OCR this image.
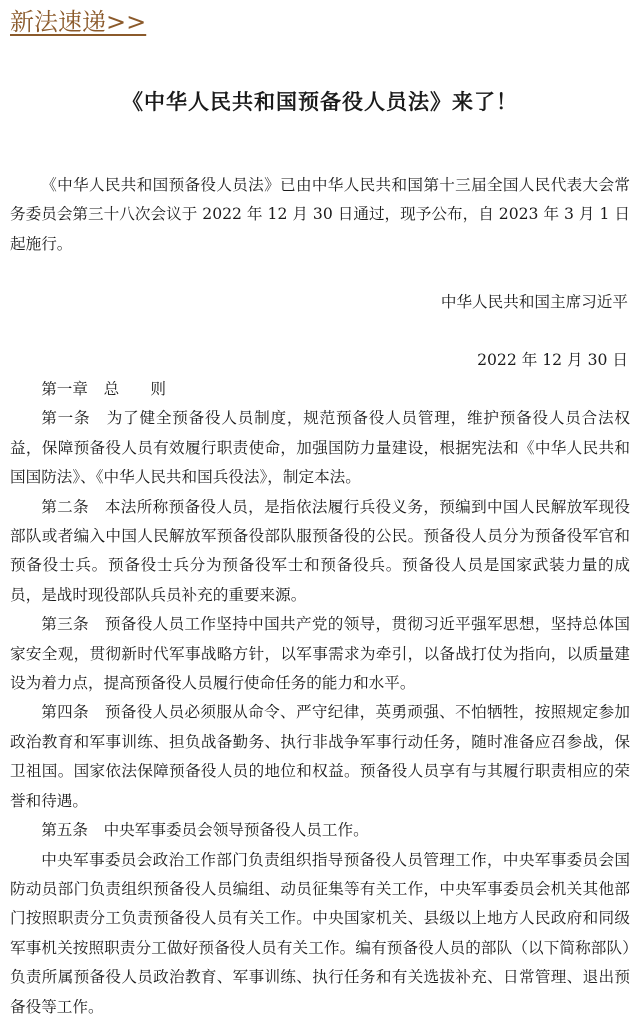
新法速递>>
《中华人民共和国预备役人员法》来了！

《中华人民共和国预备役人员法》已由中华人民共和国第十三届全国人民代表大会常务委员会第三十八次会议于 2022 年 12 月 30 日通过，现予公布，自 2023 年 3 月 1 日起施行。

中华人民共和国主席习近平
2022 年 12 月 30 日

第一章　总　　则

第一条　为了健全预备役人员制度，规范预备役人员管理，维护预备役人员合法权益，保障预备役人员有效履行职责使命，加强国防力量建设，根据宪法和《中华人民共和国国防法》、《中华人民共和国兵役法》，制定本法。

第二条　本法所称预备役人员，是指依法履行兵役义务，预编到中国人民解放军现役部队或者编入中国人民解放军预备役部队服预备役的公民。预备役人员分为预备役军官和预备役士兵。预备役士兵分为预备役军士和预备役兵。预备役人员是国家武装力量的成员，是战时现役部队兵员补充的重要来源。

第三条　预备役人员工作坚持中国共产党的领导，贯彻习近平强军思想，坚持总体国家安全观，贯彻新时代军事战略方针，以军事需求为牵引，以备战打仗为指向，以质量建设为着力点，提高预备役人员履行使命任务的能力和水平。

第四条　预备役人员必须服从命令、严守纪律，英勇顽强、不怕牺牲，按照规定参加政治教育和军事训练、担负战备勤务、执行非战争军事行动任务，随时准备应召参战，保卫祖国。国家依法保障预备役人员的地位和权益。预备役人员享有与其履行职责相应的荣誉和待遇。

第五条　中央军事委员会领导预备役人员工作。

中央军事委员会政治工作部门负责组织指导预备役人员管理工作，中央军事委员会国防动员部门负责组织预备役人员编组、动员征集等有关工作，中央军事委员会机关其他部门按照职责分工负责预备役人员有关工作。中央国家机关、县级以上地方人民政府和同级军事机关按照职责分工做好预备役人员有关工作。编有预备役人员的部队（以下简称部队）负责所属预备役人员政治教育、军事训练、执行任务和有关选拔补充、日常管理、退出预备役等工作。
